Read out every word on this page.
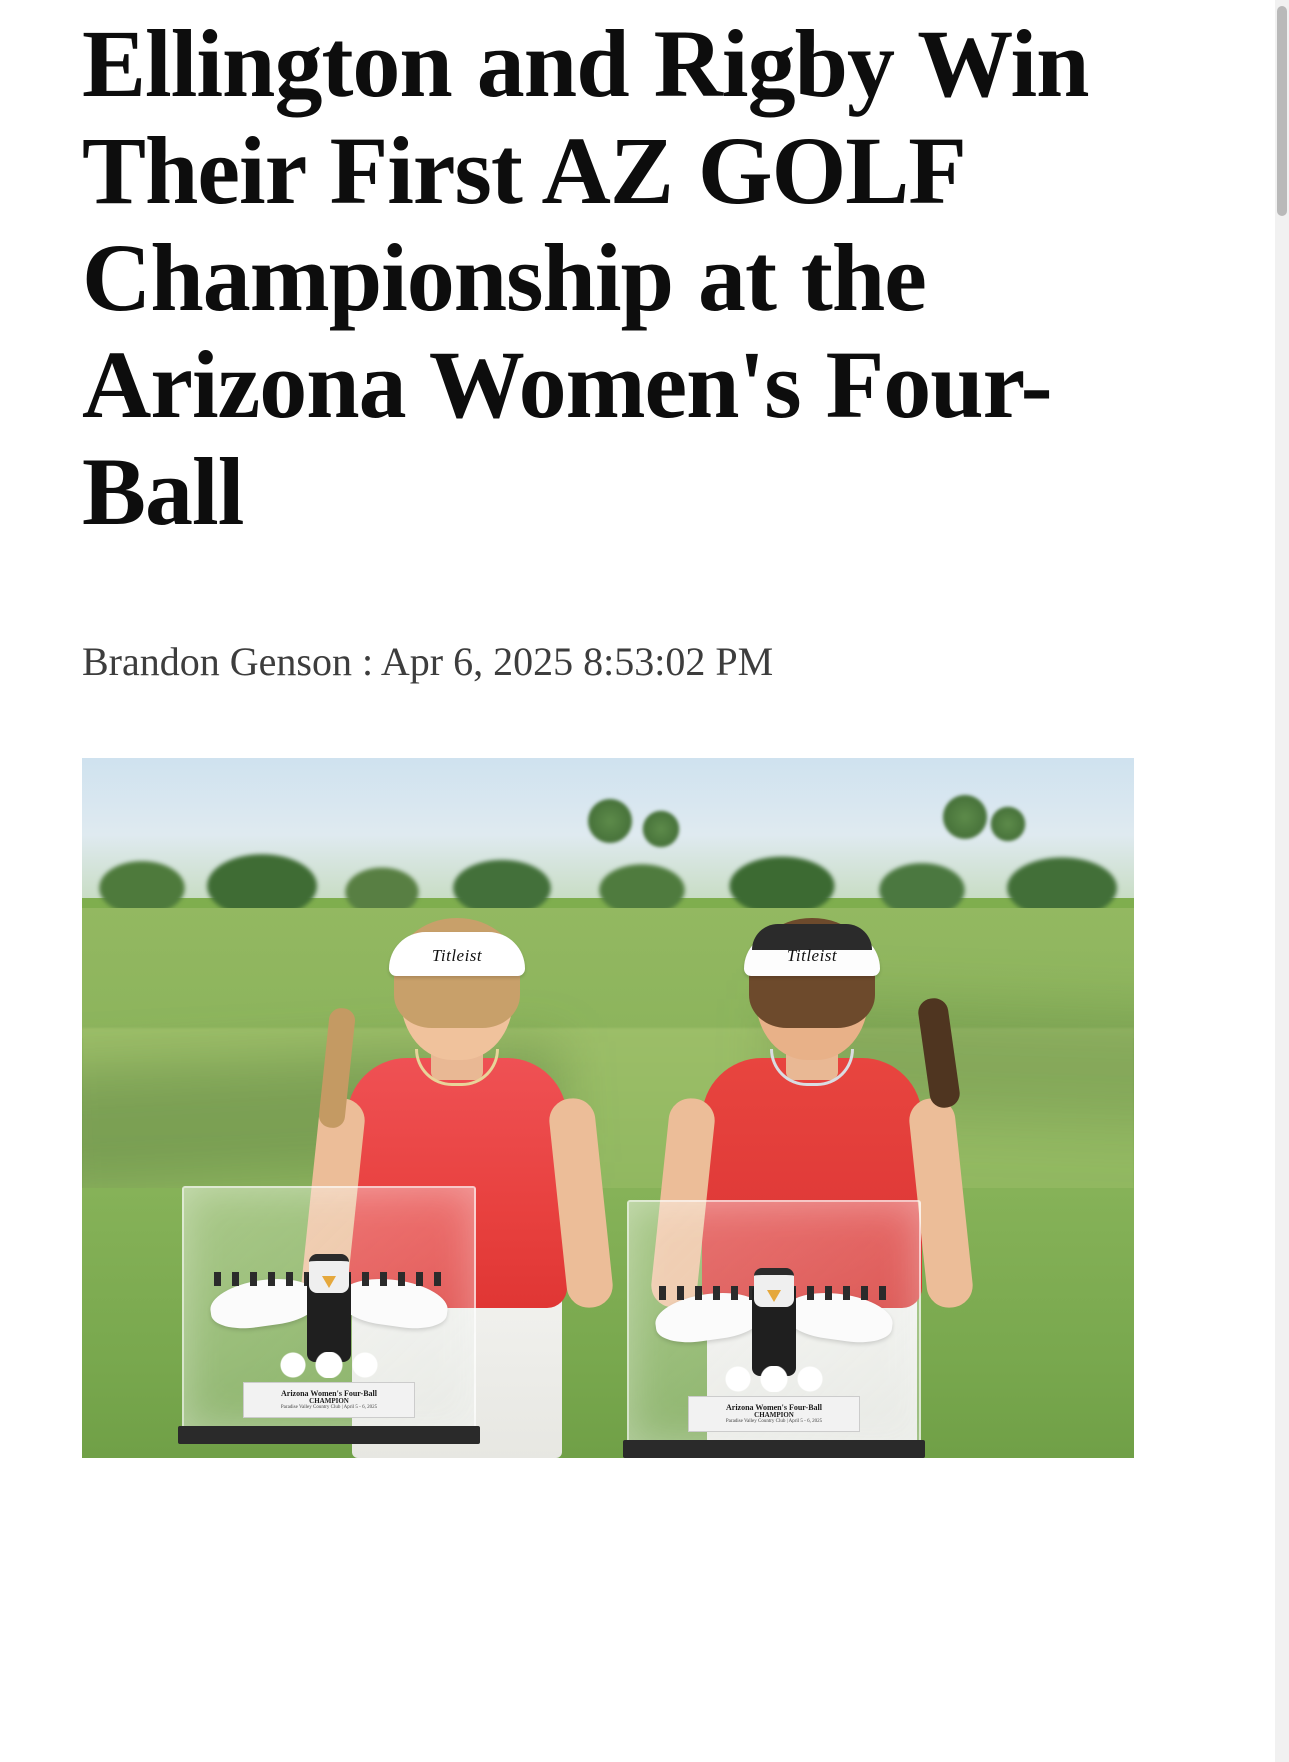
Ellington and Rigby Win Their First AZ GOLF Championship at the Arizona Women's Four-Ball
Brandon Genson : Apr 6, 2025 8:53:02 PM
Titleist	Titleist
Arizona Women's Four-Ball
CHAMPION
Paradise Valley Country Club | April 5 - 6, 2025	Arizona Women's Four-Ball
CHAMPION
Paradise Valley Country Club | April 5 - 6, 2025
